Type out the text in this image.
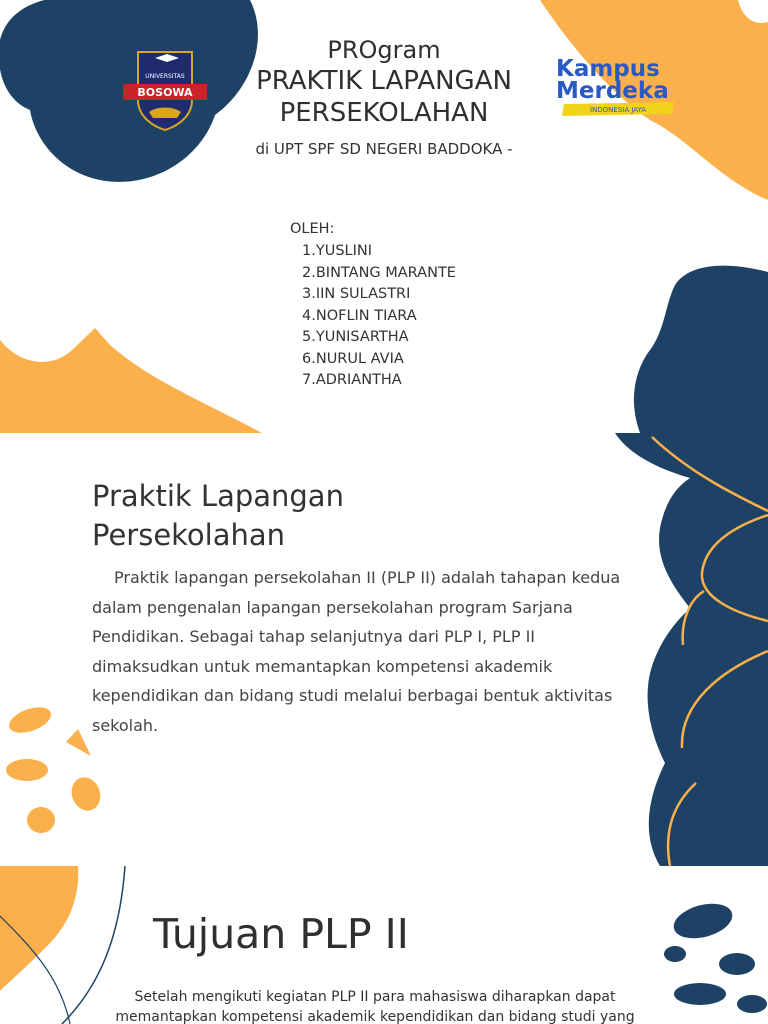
UNIVERSITAS
BOSOWA
PROgram
PRAKTIK LAPANGAN
PERSEKOLAHAN
di UPT SPF SD NEGERI BADDOKA -
Kampus
Merdeka
INDONESIA JAYA
OLEH:
1 . YUSLINI
2 . BINTANG MARANTE
3 . IIN SULASTRI
4 . NOFLIN TIARA
5 . YUNISARTHA
6 . NURUL AVIA
7 . ADRIANTHA
Praktik Lapangan
Persekolahan

Praktik lapangan persekolahan II (PLP II) adalah tahapan kedua dalam pengenalan lapangan persekolahan program Sarjana Pendidikan. Sebagai tahap selanjutnya dari PLP I, PLP II dimaksudkan untuk memantapkan kompetensi akademik kependidikan dan bidang studi melalui berbagai bentuk aktivitas sekolah.

Tujuan PLP II

Setelah mengikuti kegiatan PLP II para mahasiswa diharapkan dapat memantapkan kompetensi akademik kependidikan dan bidang studi yang
